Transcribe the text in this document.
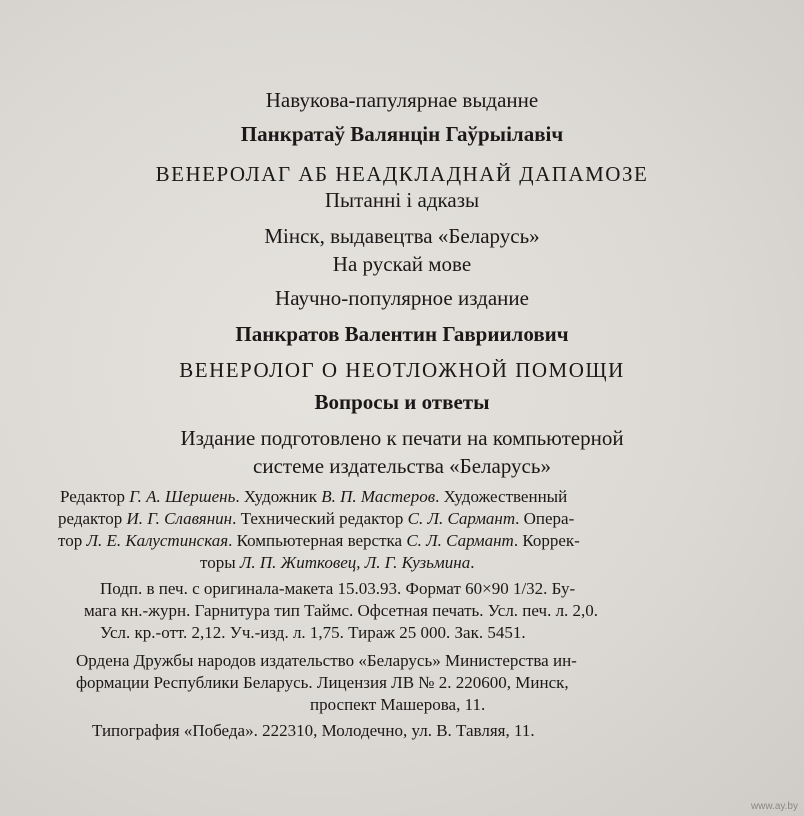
Навукова-папулярнае выданне
Панкратаў Валянцін Гаўрыілавіч
ВЕНЕРОЛАГ АБ НЕАДКЛАДНАЙ ДАПАМОЗЕ
Пытанні і адказы
Мінск, выдавецтва «Беларусь»
На рускай мове
Научно-популярное издание
Панкратов Валентин Гавриилович
ВЕНЕРОЛОГ О НЕОТЛОЖНОЙ ПОМОЩИ
Вопросы и ответы
Издание подготовлено к печати на компьютерной
системе издательства «Беларусь»
Редактор Г. А. Шершень. Художник В. П. Мастеров. Художественный
редактор И. Г. Славянин. Технический редактор С. Л. Сармант. Опера-
тор Л. Е. Калустинская. Компьютерная верстка С. Л. Сармант. Коррек-
торы Л. П. Житковец, Л. Г. Кузьмина.
Подп. в печ. с оригинала-макета 15.03.93. Формат 60×90 1/32. Бу-
мага кн.-журн. Гарнитура тип Таймс. Офсетная печать. Усл. печ. л. 2,0.
Усл. кр.-отт. 2,12. Уч.-изд. л. 1,75. Тираж 25 000. Зак. 5451.
Ордена Дружбы народов издательство «Беларусь» Министерства ин-
формации Республики Беларусь. Лицензия ЛВ № 2. 220600, Минск,
проспект Машерова, 11.
Типография «Победа». 222310, Молодечно, ул. В. Тавляя, 11.
www.ay.by
